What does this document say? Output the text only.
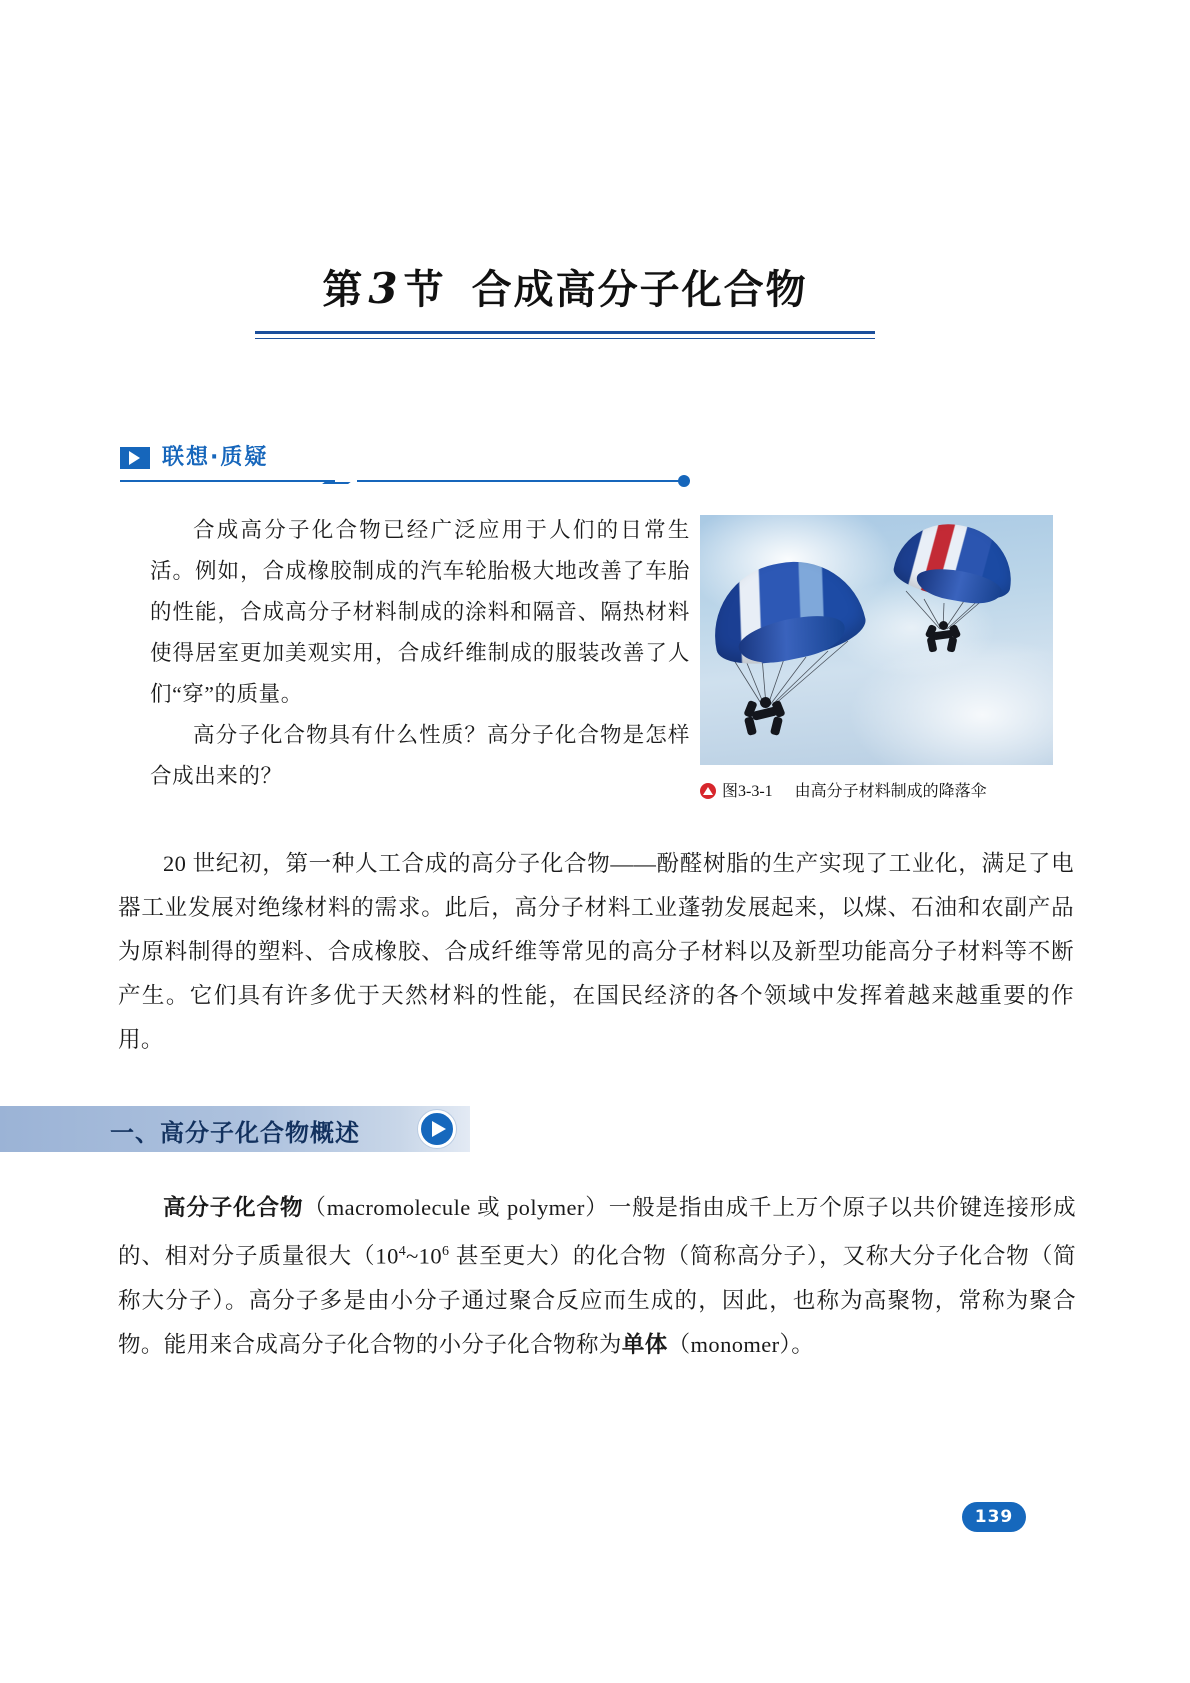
第3 节 合成高分子化合物
联想·质疑

合成高分子化合物已经广泛应用于人们的日常生活。例如，合成橡胶制成的汽车轮胎极大地改善了车胎的性能，合成高分子材料制成的涂料和隔音、隔热材料使得居室更加美观实用，合成纤维制成的服装改善了人们“穿”的质量。

高分子化合物具有什么性质？高分子化合物是怎样合成出来的？

图3-3-1 由高分子材料制成的降落伞

20 世纪初，第一种人工合成的高分子化合物——酚醛树脂的生产实现了工业化，满足了电器工业发展对绝缘材料的需求。此后，高分子材料工业蓬勃发展起来，以煤、石油和农副产品为原料制得的塑料、合成橡胶、合成纤维等常见的高分子材料以及新型功能高分子材料等不断产生。它们具有许多优于天然材料的性能，在国民经济的各个领域中发挥着越来越重要的作用。

一、高分子化合物概述

高分子化合物（macromolecule 或 polymer）一般是指由成千上万个原子以共价键连接形成的、相对分子质量很大（$10^4\sim 10^6$ 甚至更大）的化合物（简称高分子），又称大分子化合物（简称大分子）。高分子多是由小分子通过聚合反应而生成的，因此，也称为高聚物，常称为聚合物。能用来合成高分子化合物的小分子化合物称为单体（monomer）。

139
